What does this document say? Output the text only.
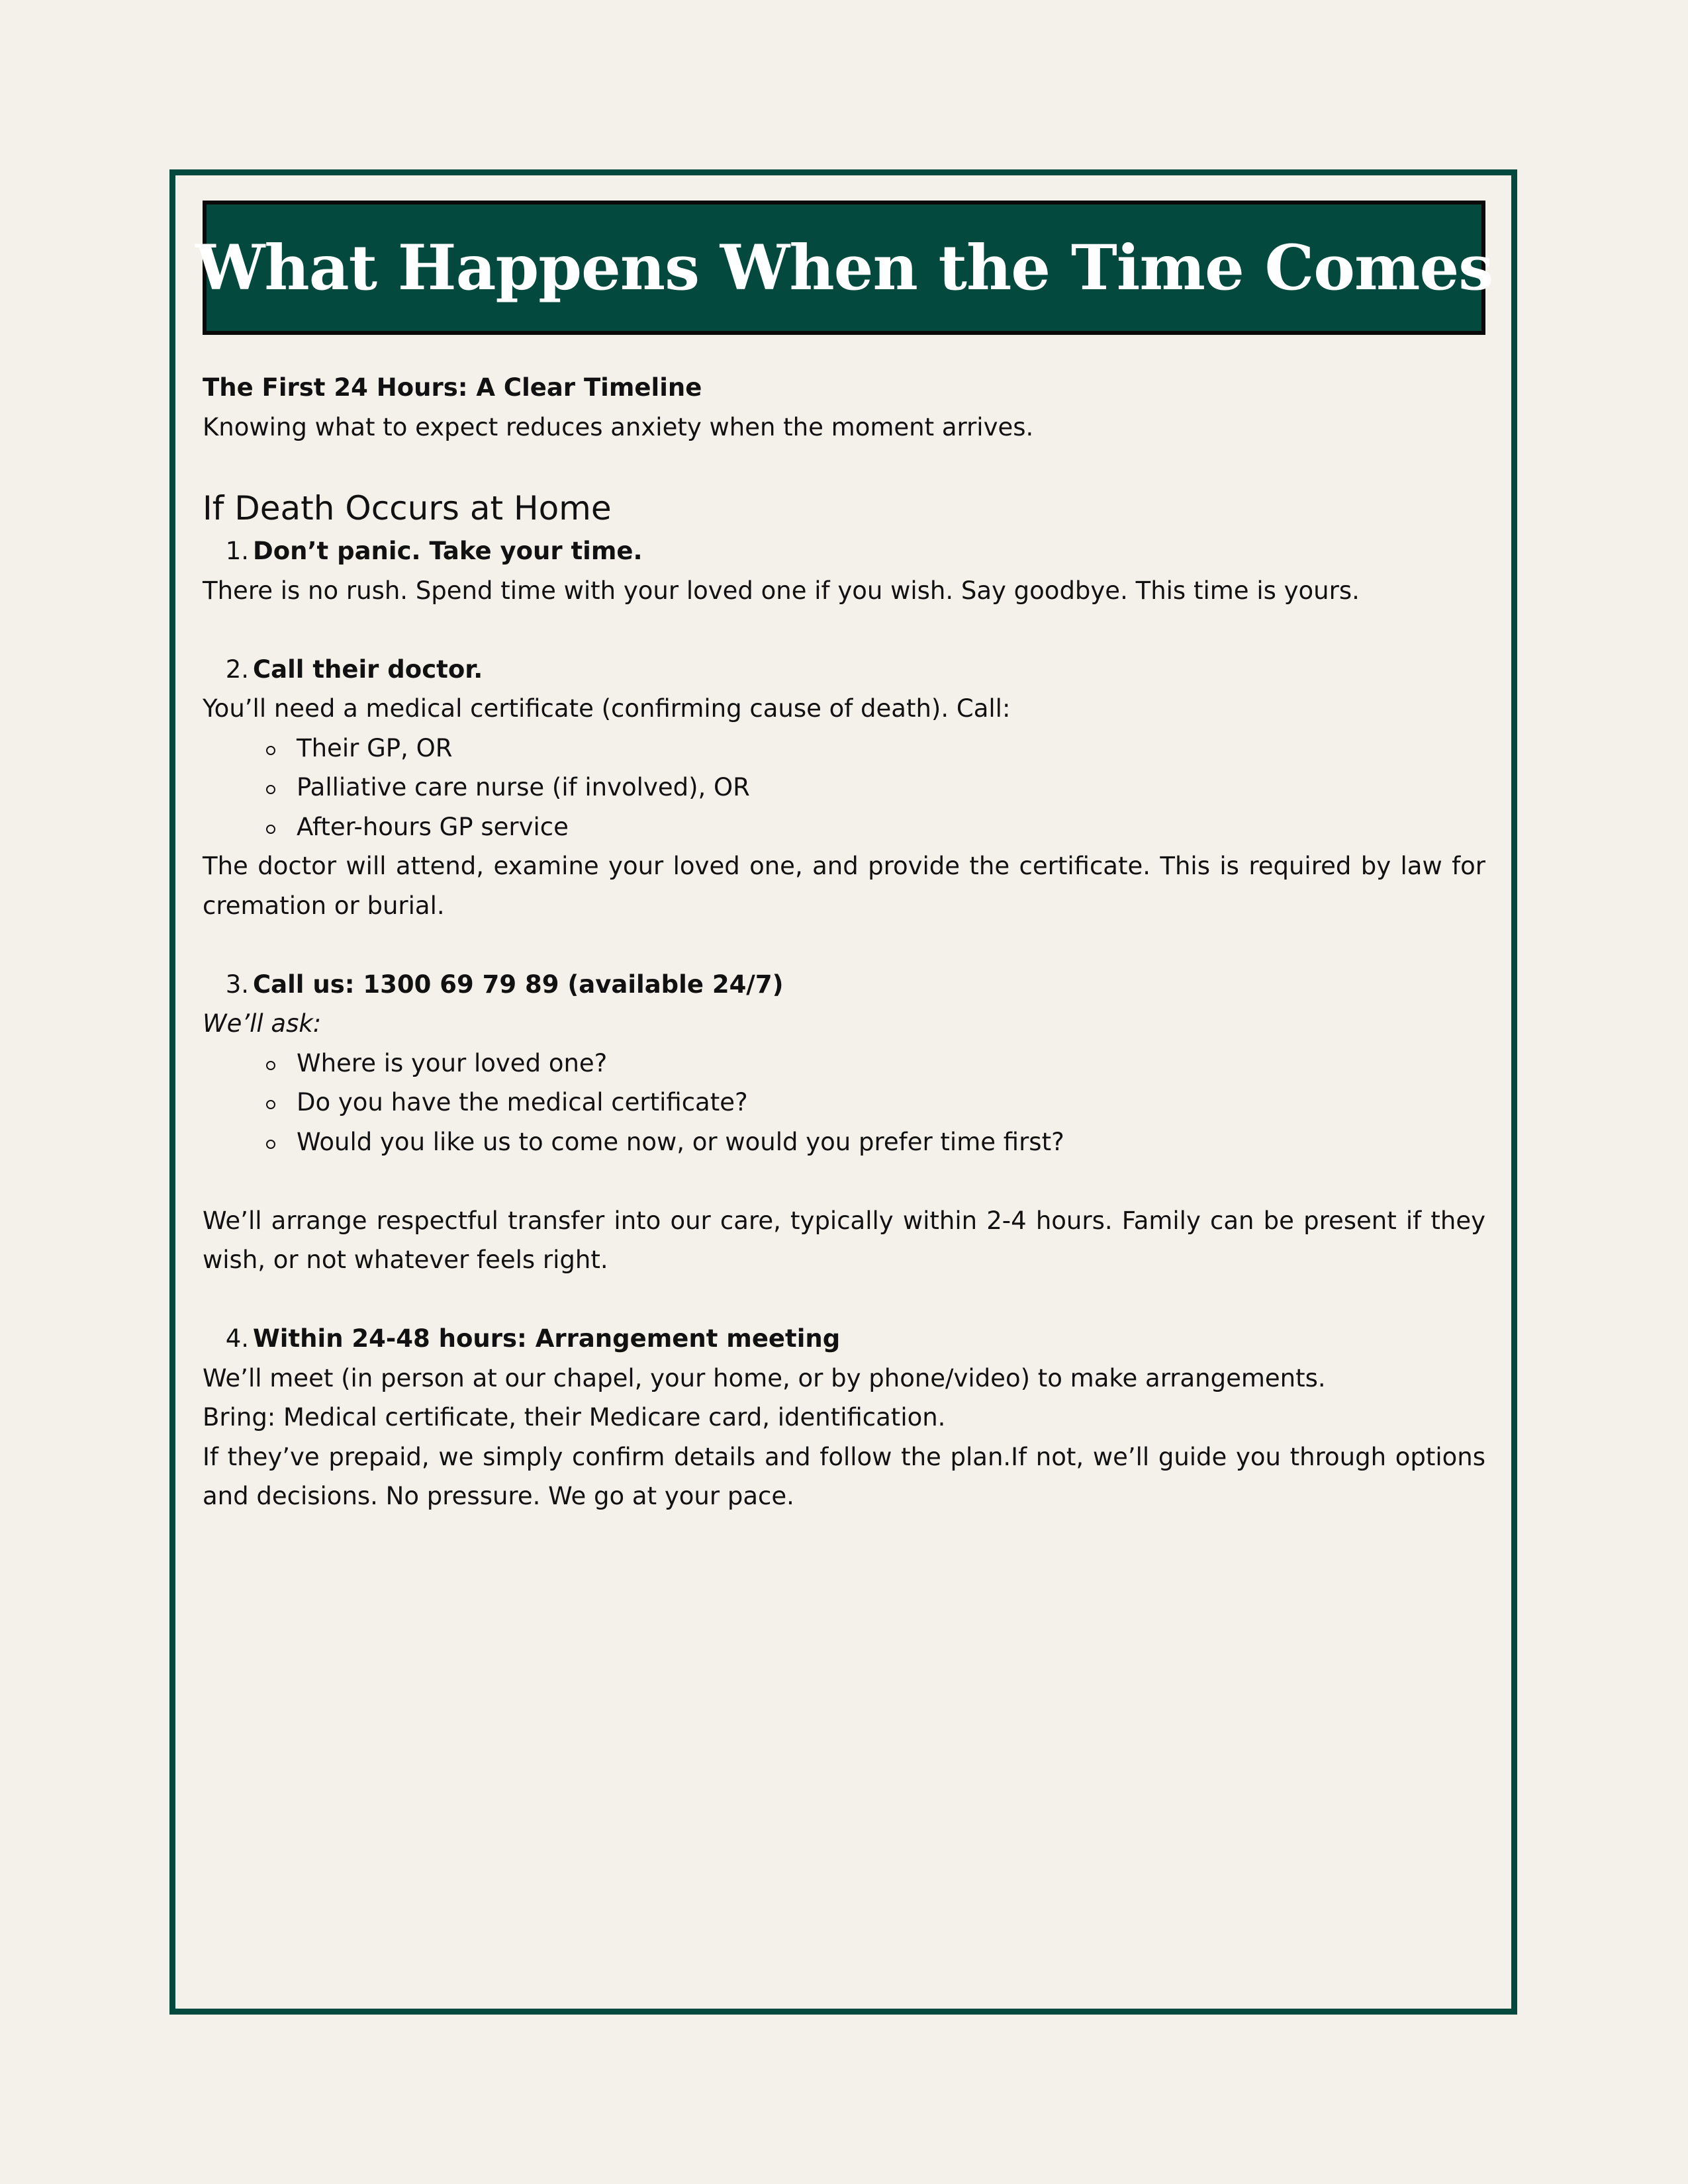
What Happens When the Time Comes

The First 24 Hours: A Clear Timeline

Knowing what to expect reduces anxiety when the moment arrives.

If Death Occurs at Home
1. Don’t panic. Take your time.

There is no rush. Spend time with your loved one if you wish. Say goodbye. This time is yours.

2. Call their doctor.

You’ll need a medical certificate (confirming cause of death). Call:

Their GP, OR
Palliative care nurse (if involved), OR
After-hours GP service

The doctor will attend, examine your loved one, and provide the certificate. This is required by law for cremation or burial.

3. Call us: 1300 69 79 89 (available 24/7)

We’ll ask:

Where is your loved one?
Do you have the medical certificate?
Would you like us to come now, or would you prefer time first?

We’ll arrange respectful transfer into our care, typically within 2-4 hours. Family can be present if they wish, or not whatever feels right.

4. Within 24-48 hours: Arrangement meeting

We’ll meet (in person at our chapel, your home, or by phone/video) to make arrangements.

Bring: Medical certificate, their Medicare card, identification.

If they’ve prepaid, we simply confirm details and follow the plan.If not, we’ll guide you through options and decisions. No pressure. We go at your pace.
